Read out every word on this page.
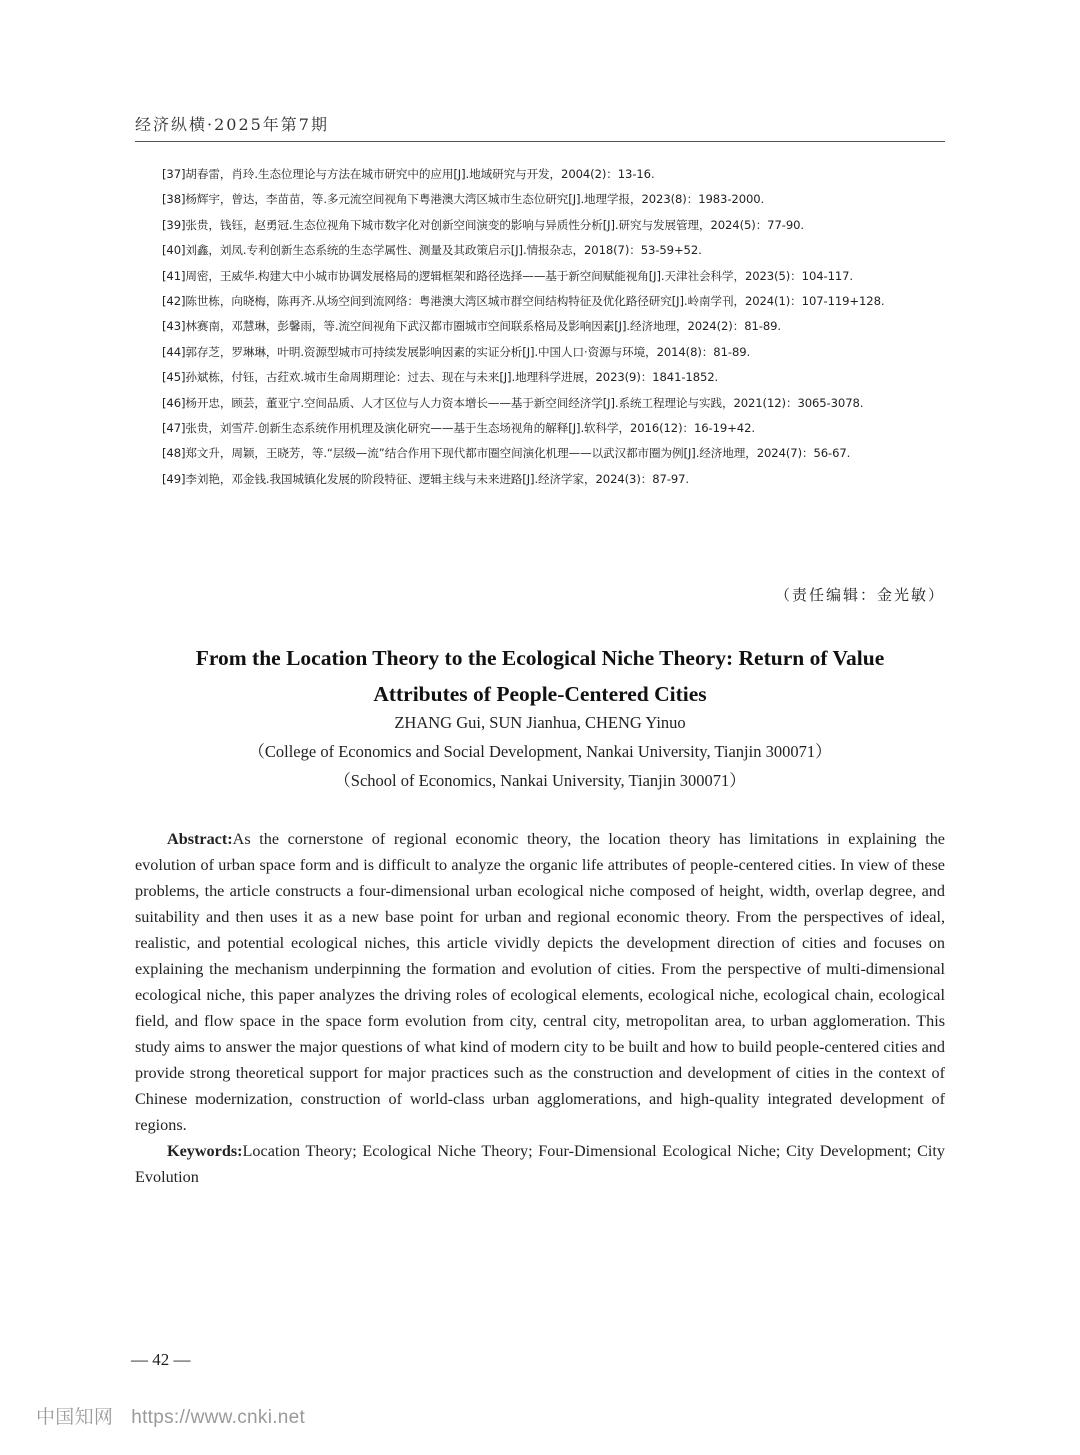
经济纵横·2025年第7期

[37]胡春雷，肖玲.生态位理论与方法在城市研究中的应用[J].地域研究与开发，2004(2)：13-16.

[38]杨辉宇，曾达，李苗苗，等.多元流空间视角下粤港澳大湾区城市生态位研究[J].地理学报，2023(8)：1983-2000.

[39]张贵，钱钰，赵勇冠.生态位视角下城市数字化对创新空间演变的影响与异质性分析[J].研究与发展管理，2024(5)：77-90.

[40]刘鑫，刘凤.专利创新生态系统的生态学属性、测量及其政策启示[J].情报杂志，2018(7)：53-59+52.

[41]周密，王威华.构建大中小城市协调发展格局的逻辑框架和路径选择——基于新空间赋能视角[J].天津社会科学，2023(5)：104-117.

[42]陈世栋，向晓梅，陈再齐.从场空间到流网络：粤港澳大湾区城市群空间结构特征及优化路径研究[J].岭南学刊，2024(1)：107-119+128.

[43]林赛南，邓慧琳，彭馨雨，等.流空间视角下武汉都市圈城市空间联系格局及影响因素[J].经济地理，2024(2)：81-89.

[44]郭存芝，罗琳琳，叶明.资源型城市可持续发展影响因素的实证分析[J].中国人口·资源与环境，2014(8)：81-89.

[45]孙斌栋，付钰，古荭欢.城市生命周期理论：过去、现在与未来[J].地理科学进展，2023(9)：1841-1852.

[46]杨开忠，顾芸，董亚宁.空间品质、人才区位与人力资本增长——基于新空间经济学[J].系统工程理论与实践，2021(12)：3065-3078.

[47]张贵，刘雪芹.创新生态系统作用机理及演化研究——基于生态场视角的解释[J].软科学，2016(12)：16-19+42.

[48]郑文升，周颖，王晓芳，等.“层级—流”结合作用下现代都市圈空间演化机理——以武汉都市圈为例[J].经济地理，2024(7)：56-67.

[49]李刘艳，邓金钱.我国城镇化发展的阶段特征、逻辑主线与未来进路[J].经济学家，2024(3)：87-97.

（责任编辑：金光敏）
From the Location Theory to the Ecological Niche Theory: Return of Value
Attributes of People-Centered Cities
ZHANG Gui, SUN Jianhua, CHENG Yinuo
（College of Economics and Social Development, Nankai University, Tianjin 300071）
（School of Economics, Nankai University, Tianjin 300071）

Abstract:As the cornerstone of regional economic theory, the location theory has limitations in explaining the evolution of urban space form and is difficult to analyze the organic life attributes of people-centered cities. In view of these problems, the article constructs a four-dimensional urban ecological niche composed of height, width, overlap degree, and suitability and then uses it as a new base point for urban and regional economic theory. From the perspectives of ideal, realistic, and potential ecological niches, this article vividly depicts the development direction of cities and focuses on explaining the mechanism underpinning the formation and evolution of cities. From the perspective of multi-dimensional ecological niche, this paper analyzes the driving roles of ecological elements, ecological niche, ecological chain, ecological field, and flow space in the space form evolution from city, central city, metropolitan area, to urban agglomeration. This study aims to answer the major questions of what kind of modern city to be built and how to build people-centered cities and provide strong theoretical support for major practices such as the construction and development of cities in the context of Chinese modernization, construction of world-class urban agglomerations, and high-quality integrated development of regions.

Keywords:Location Theory; Ecological Niche Theory; Four-Dimensional Ecological Niche; City Development; City Evolution

— 42 —
中国知网 https://www.cnki.net
